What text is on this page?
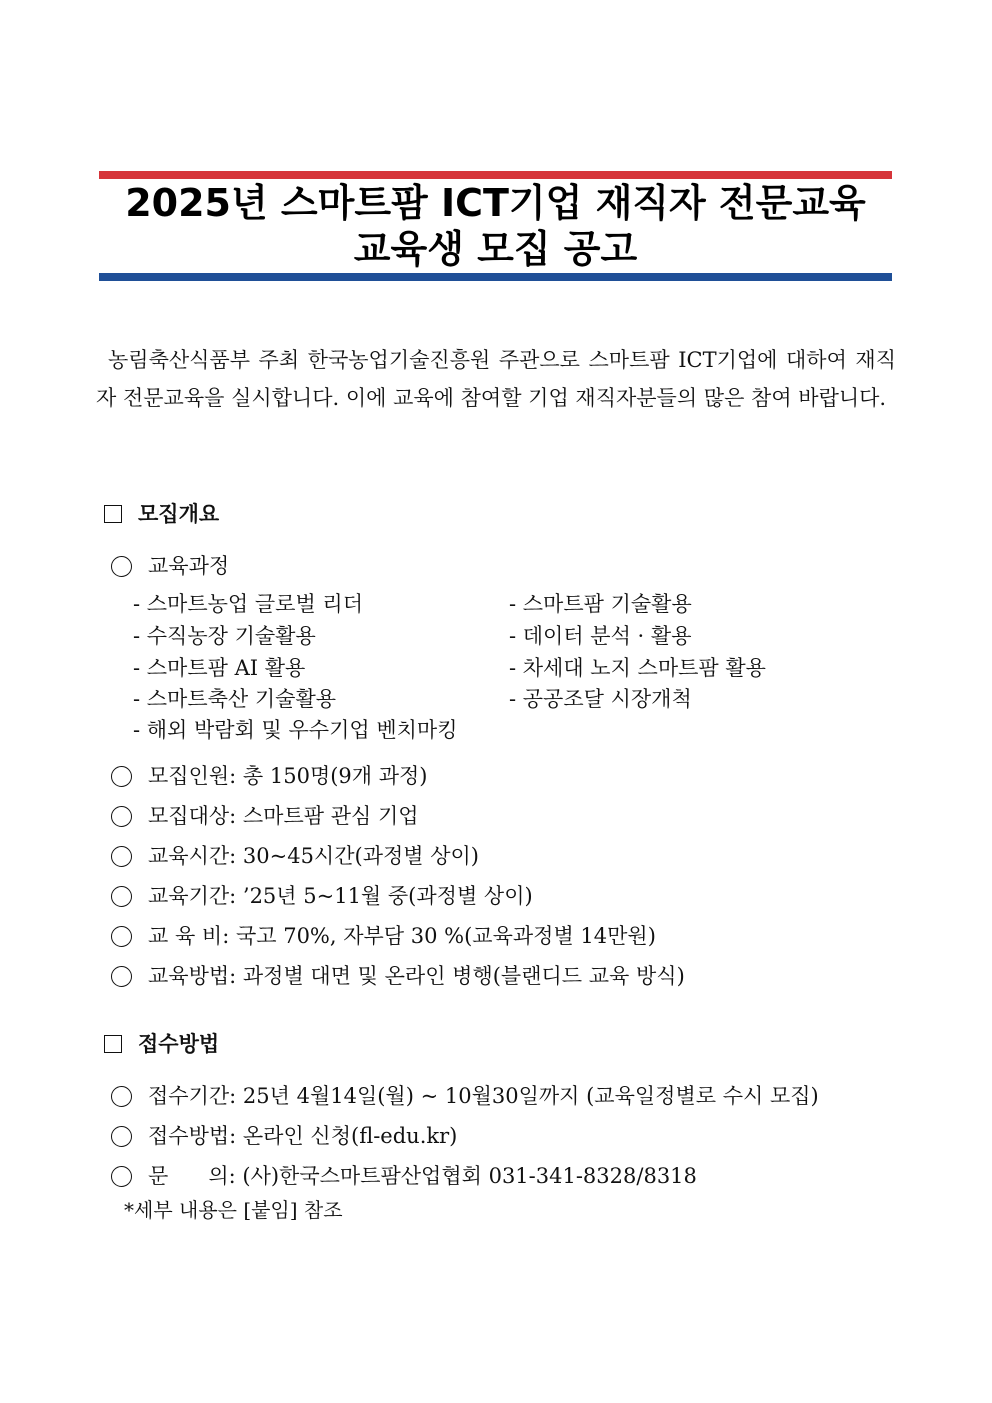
2025년 스마트팜 ICT기업 재직자 전문교육
교육생 모집 공고
농림축산식품부 주최 한국농업기술진흥원 주관으로 스마트팜 ICT기업에 대하여 재직자 전문교육을 실시합니다. 이에 교육에 참여할 기업 재직자분들의 많은 참여 바랍니다.
모집개요
교육과정
- 스마트농업 글로벌 리더
- 수직농장 기술활용
- 스마트팜 AI 활용
- 스마트축산 기술활용
- 해외 박람회 및 우수기업 벤치마킹
- 스마트팜 기술활용
- 데이터 분석 · 활용
- 차세대 노지 스마트팜 활용
- 공공조달 시장개척
모집인원: 총 150명(9개 과정)
모집대상: 스마트팜 관심 기업
교육시간: 30~45시간(과정별 상이)
교육기간: ’25년 5~11월 중(과정별 상이)
교 육 비: 국고 70%, 자부담 30 %(교육과정별 14만원)
교육방법: 과정별 대면 및 온라인 병행(블랜디드 교육 방식)
접수방법
접수기간: 25년 4월14일(월) ~ 10월30일까지 (교육일정별로 수시 모집)
접수방법: 온라인 신청(fl-edu.kr)
문      의: (사)한국스마트팜산업협회 031-341-8328/8318
*세부 내용은 [붙임] 참조
